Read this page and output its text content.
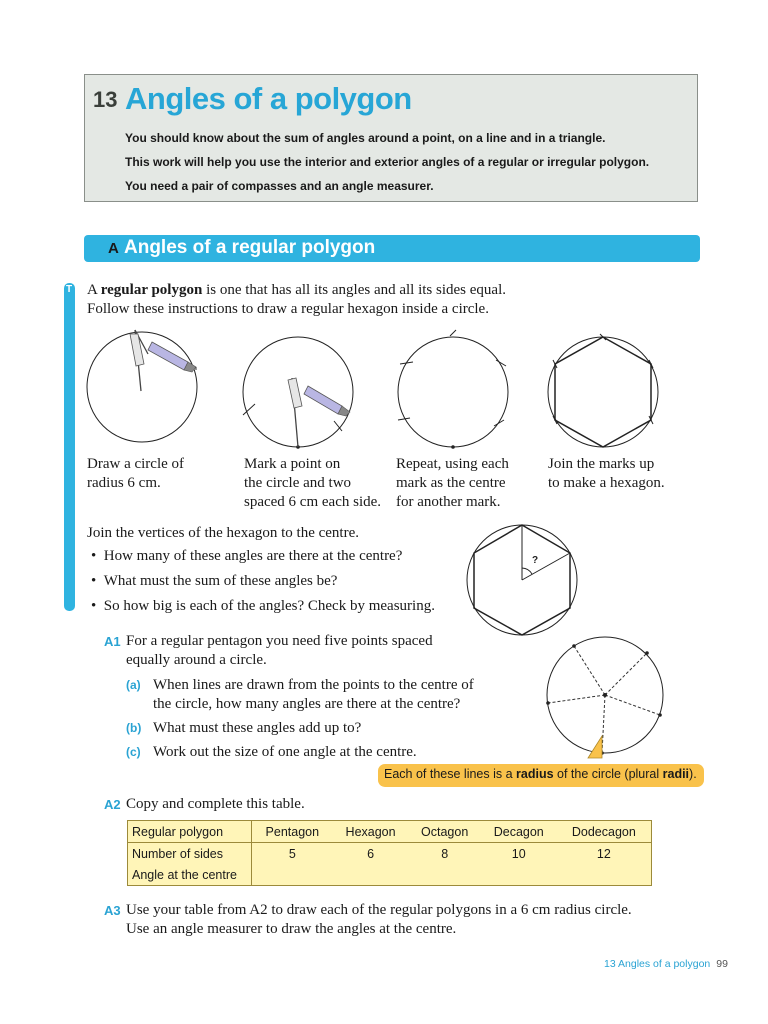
13 Angles of a polygon
You should know about the sum of angles around a point, on a line and in a triangle.
This work will help you use the interior and exterior angles of a regular or irregular polygon.
You need a pair of compasses and an angle measurer.
A Angles of a regular polygon
T A regular polygon is one that has all its angles and all its sides equal.
Follow these instructions to draw a regular hexagon inside a circle.
Draw a circle of
radius 6 cm.
Mark a point on
the circle and two
spaced 6 cm each side.
Repeat, using each
mark as the centre
for another mark.
Join the marks up
to make a hexagon.
Join the vertices of the hexagon to the centre.
•  How many of these angles are there at the centre?
•  What must the sum of these angles be?
•  So how big is each of the angles? Check by measuring.
?
A1 For a regular pentagon you need five points spaced
equally around a circle.
(a) When lines are drawn from the points to the centre of
the circle, how many angles are there at the centre?
(b) What must these angles add up to?
(c) Work out the size of one angle at the centre.
Each of these lines is a radius of the circle (plural radii).
A2 Copy and complete this table.
Regular polygon	Pentagon	Hexagon	Octagon	Decagon	Dodecagon
Number of sides	5	6	8	10	12
Angle at the centre					
A3 Use your table from A2 to draw each of the regular polygons in a 6 cm radius circle.
Use an angle measurer to draw the angles at the centre.
13 Angles of a polygon 99
